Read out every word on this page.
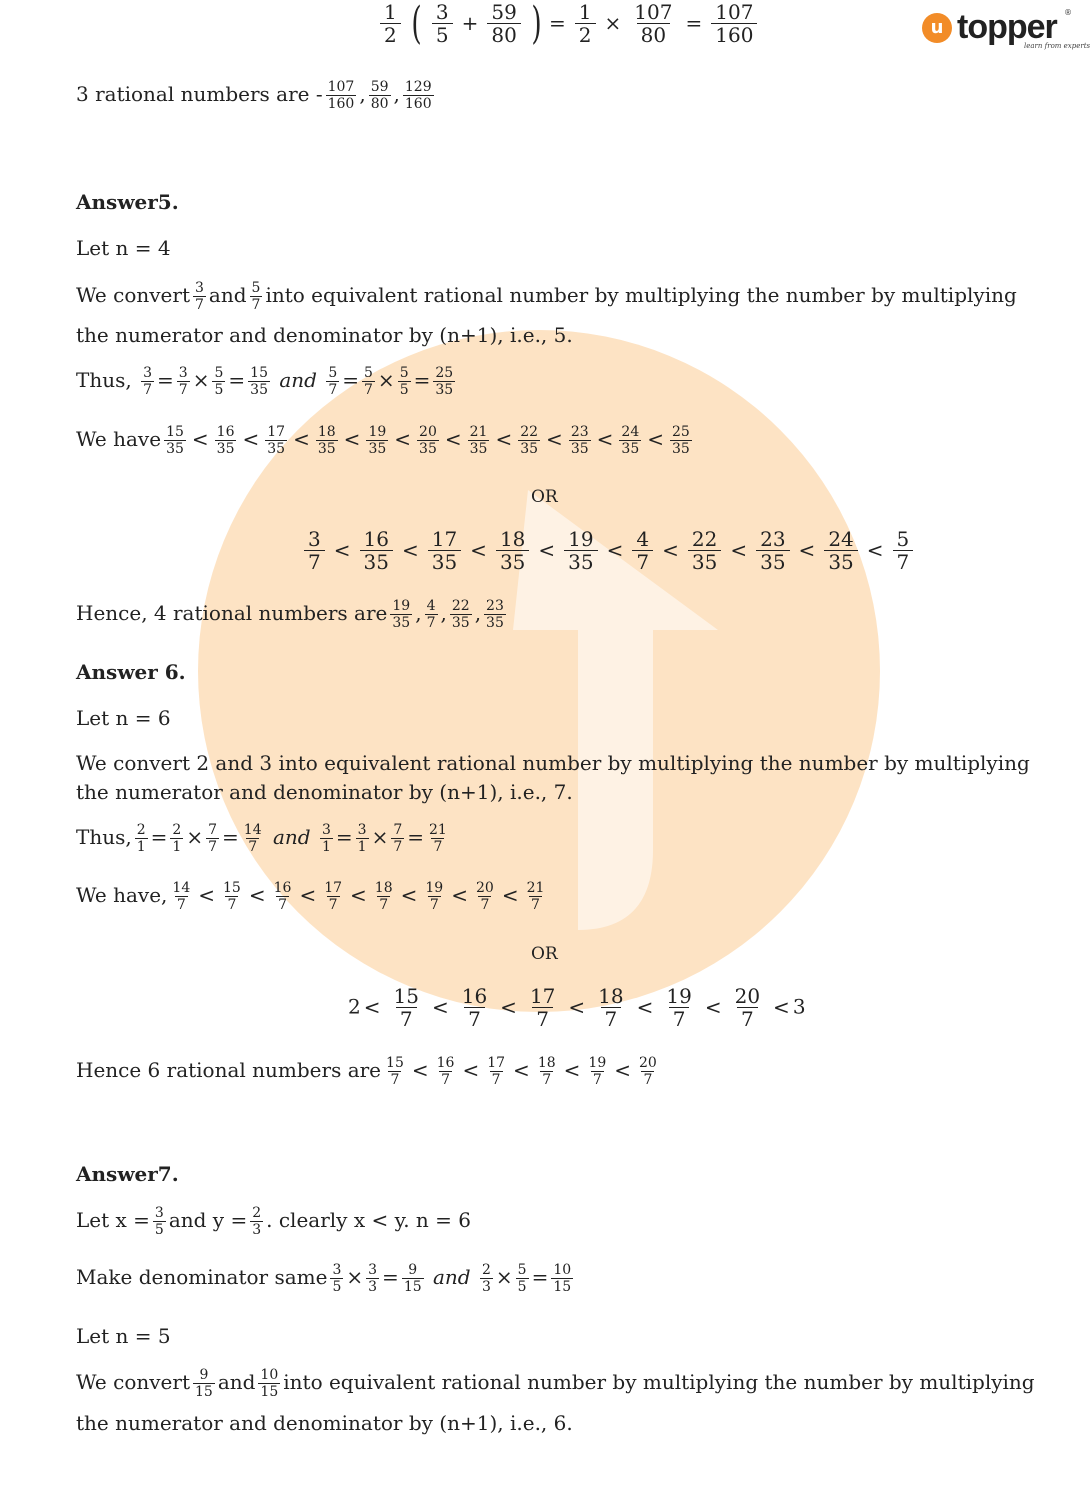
u topper
learn from experts
®
$\frac{1}{2}$ ( $\frac{3}{5} + \frac{59}{80}$ ) = $\frac{1}{2} \times \frac{107}{80} = \frac{107}{160}$
3 rational numbers are - $\frac{107}{160}$ , $\frac{59}{80}$ , $\frac{129}{160}$
Answer5.
Let n = 4
We convert $\frac{3}{7}$ and $\frac{5}{7}$ into equivalent rational number by multiplying the number by multiplying
the numerator and denominator by (n+1), i.e., 5.
Thus, $\frac{3}{7} = \frac{3}{7} \times \frac{5}{5} = \frac{15}{35}$ and $\frac{5}{7} = \frac{5}{7} \times \frac{5}{5} = \frac{25}{35}$
We have $\frac{15}{35} < \frac{16}{35} < \frac{17}{35} < \frac{18}{35} < \frac{19}{35} < \frac{20}{35} < \frac{21}{35} < \frac{22}{35} < \frac{23}{35} < \frac{24}{35} < \frac{25}{35}$
OR
$\frac{3}{7} < \frac{16}{35} < \frac{17}{35} < \frac{18}{35} < \frac{19}{35} < \frac{4}{7} < \frac{22}{35} < \frac{23}{35} < \frac{24}{35} < \frac{5}{7}$
Hence, 4 rational numbers are $\frac{19}{35}$ , $\frac{4}{7}$ , $\frac{22}{35}$ , $\frac{23}{35}$
Answer 6.
Let n = 6
We convert 2 and 3 into equivalent rational number by multiplying the number by multiplying
the numerator and denominator by (n+1), i.e., 7.
Thus, $\frac{2}{1} = \frac{2}{1} \times \frac{7}{7} = \frac{14}{7}$ and $\frac{3}{1} = \frac{3}{1} \times \frac{7}{7} = \frac{21}{7}$
We have, $\frac{14}{7} < \frac{15}{7} < \frac{16}{7} < \frac{17}{7} < \frac{18}{7} < \frac{19}{7} < \frac{20}{7} < \frac{21}{7}$
OR
$2 < \frac{15}{7} < \frac{16}{7} < \frac{17}{7} < \frac{18}{7} < \frac{19}{7} < \frac{20}{7} < 3$
Hence 6 rational numbers are $\frac{15}{7} < \frac{16}{7} < \frac{17}{7} < \frac{18}{7} < \frac{19}{7} < \frac{20}{7}$
Answer7.
Let $x = \frac{3}{5}$ and $y = \frac{2}{3}$ . clearly x < y. n = 6
Make denominator same $\frac{3}{5} \times \frac{3}{3} = \frac{9}{15}$ and $\frac{2}{3} \times \frac{5}{5} = \frac{10}{15}$
Let n = 5
We convert $\frac{9}{15}$ and $\frac{10}{15}$ into equivalent rational number by multiplying the number by multiplying
the numerator and denominator by (n+1), i.e., 6.
